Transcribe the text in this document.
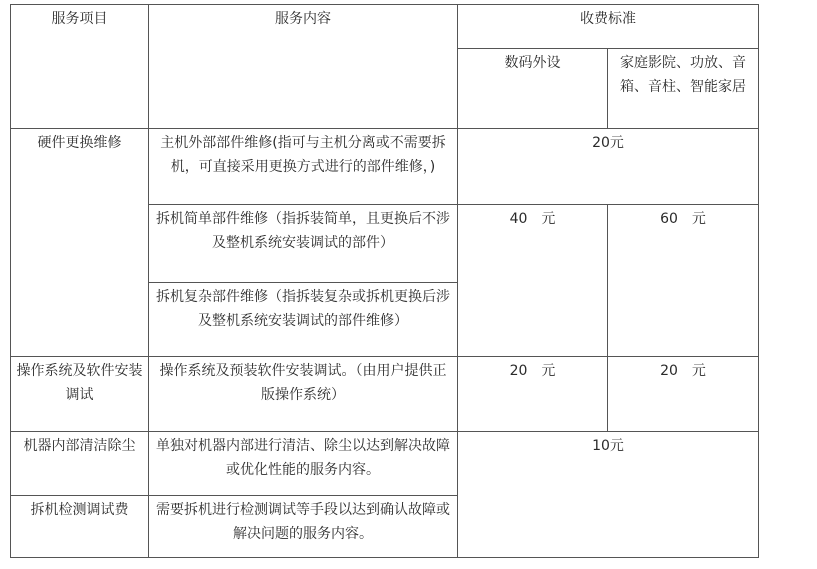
服务项目	服务内容	收费标准	
		数码外设	家庭影院、功放、音箱、音柱、智能家居
硬件更换维修	主机外部部件维修(指可与主机分离或不需要拆机，可直接采用更换方式进行的部件维修，)	20元	
	拆机简单部件维修（指拆装简单，且更换后不涉及整机系统安装调试的部件）	40　元	60　元
	拆机复杂部件维修（指拆装复杂或拆机更换后涉及整机系统安装调试的部件维修）		
操作系统及软件安装调试	操作系统及预装软件安装调试。（由用户提供正版操作系统）	20　元	20　元
机器内部清洁除尘	单独对机器内部进行清洁、除尘以达到解决故障或优化性能的服务内容。	10元	
拆机检测调试费	需要拆机进行检测调试等手段以达到确认故障或解决问题的服务内容。		
